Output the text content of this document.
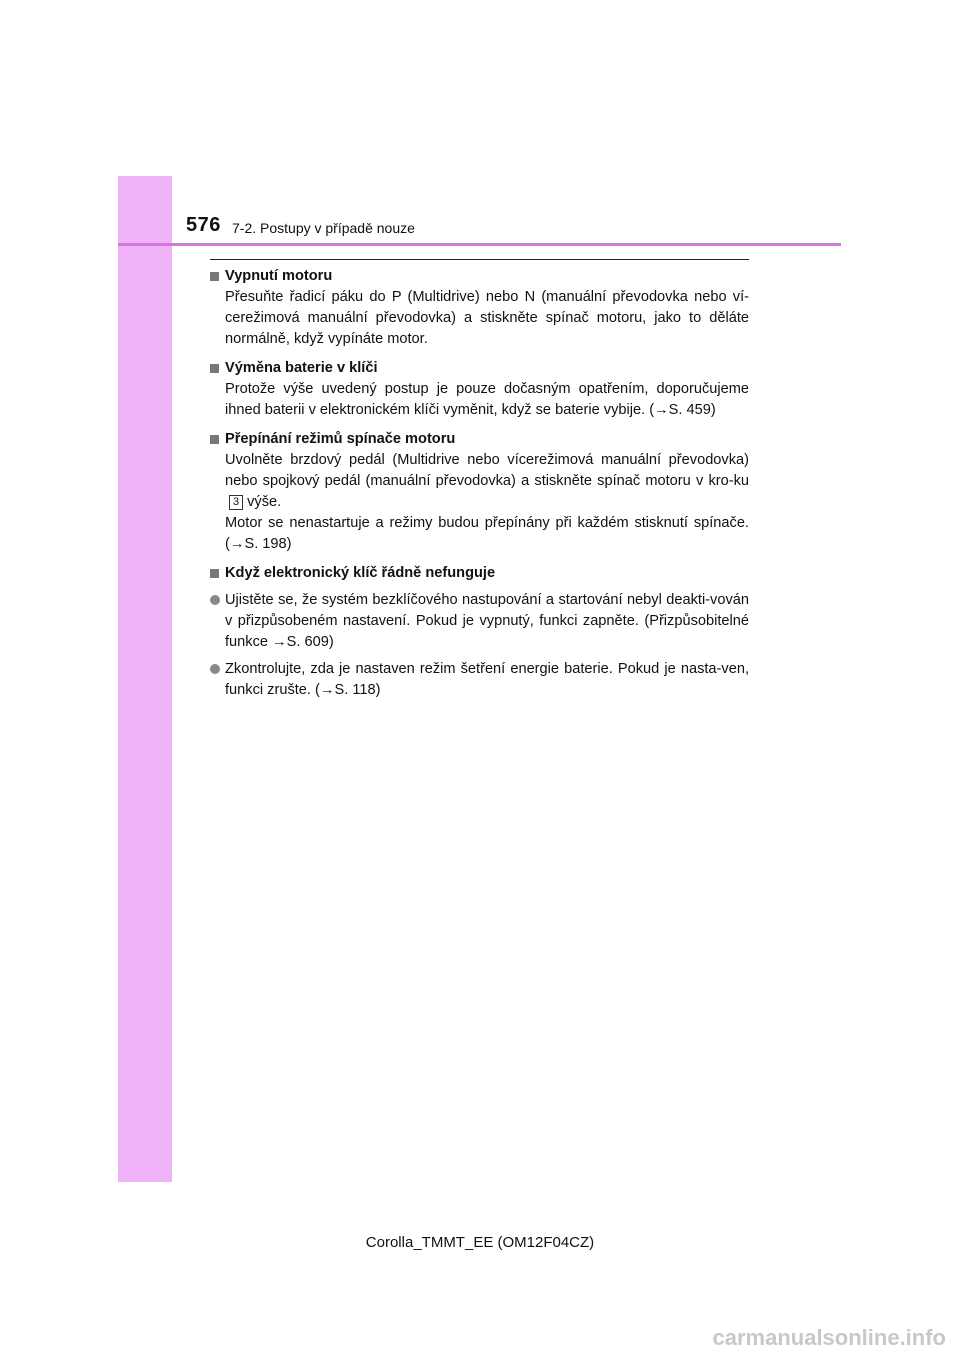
576 7-2. Postupy v případě nouze
Vypnutí motoru
Přesuňte řadicí páku do P (Multidrive) nebo N (manuální převodovka nebo ví-cerežimová manuální převodovka) a stiskněte spínač motoru, jako to děláte normálně, když vypínáte motor.
Výměna baterie v klíči
Protože výše uvedený postup je pouze dočasným opatřením, doporučujeme ihned baterii v elektronickém klíči vyměnit, když se baterie vybije. (→S. 459)
Přepínání režimů spínače motoru
Uvolněte brzdový pedál (Multidrive nebo vícerežimová manuální převodovka) nebo spojkový pedál (manuální převodovka) a stiskněte spínač motoru v kro-ku3 výše.
Motor se nenastartuje a režimy budou přepínány při každém stisknutí spínače. (→S. 198)
Když elektronický klíč řádně nefunguje
Ujistěte se, že systém bezklíčového nastupování a startování nebyl deakti-vován v přizpůsobeném nastavení. Pokud je vypnutý, funkci zapněte. (Přizpůsobitelné funkce →S. 609)
Zkontrolujte, zda je nastaven režim šetření energie baterie. Pokud je nasta-ven, funkci zrušte. (→S. 118)
Corolla_TMMT_EE (OM12F04CZ)
carmanualsonline.info
